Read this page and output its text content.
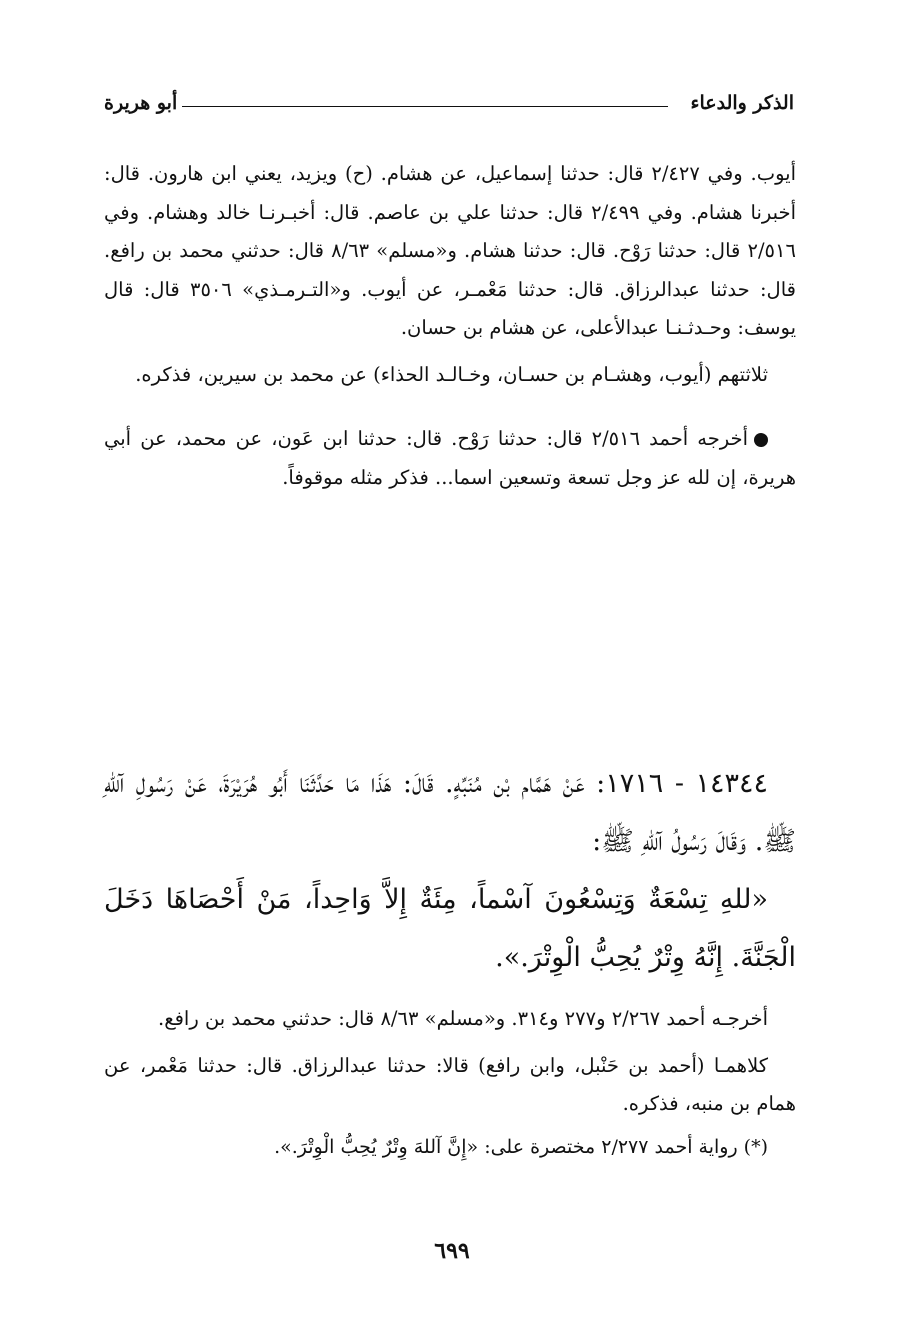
الذكر والدعاء
أبو هريرة

أيوب. وفي ٢/٤٢٧ قال: حدثنا إسماعيل، عن هشام. (ح) ويزيد، يعني ابن هارون. قال: أخبرنا هشام. وفي ٢/٤٩٩ قال: حدثنا علي بن عاصم. قال: أخبـرنـا خالد وهشام. وفي ٢/٥١٦ قال: حدثنا رَوْح. قال: حدثنا هشام. و«مسلم» ٨/٦٣ قال: حدثني محمد بن رافع. قال: حدثنا عبدالرزاق. قال: حدثنا مَعْمـر، عن أيوب. و«التـرمـذي» ٣٥٠٦ قال: قال يوسف: وحـدثـنـا عبدالأعلى، عن هشام بن حسان.

ثلاثتهم (أيوب، وهشـام بن حسـان، وخـالـد الحذاء) عن محمد بن سيرين، فذكره.

أخرجه أحمد ٢/٥١٦ قال: حدثنا رَوْح. قال: حدثنا ابن عَون، عن محمد، عن أبي هريرة، إن لله عز وجل تسعة وتسعين اسما... فذكر مثله موقوفاً.

١٤٣٤٤ - ١٧١٦: عَنْ هَمَّام بْن مُنَبِّهٍ. قَالَ: هَذَا مَا حَدَّثَنَا أَبُو هُرَيْرَةَ، عَنْ رَسُولِ آللهِ ﷺ. وَقَالَ رَسُولُ آللهِ ﷺ:

«للهِ تِسْعَةٌ وَتِسْعُونَ آسْماً، مِئَةٌ إِلاَّ وَاحِداً، مَنْ أَحْصَاهَا دَخَلَ الْجَنَّةَ. إِنَّهُ وِتْرٌ يُحِبُّ الْوِتْرَ.».

أخرجـه أحمد ٢/٢٦٧ و٢٧٧ و٣١٤. و«مسلم» ٨/٦٣ قال: حدثني محمد بن رافع.

كلاهمـا (أحمد بن حَنْبل، وابن رافع) قالا: حدثنا عبدالرزاق. قال: حدثنا مَعْمر، عن همام بن منبه، فذكره.

(*) رواية أحمد ٢/٢٧٧ مختصرة على: «إِنَّ آللهَ وِتْرٌ يُحِبُّ الْوِتْرَ.».

٦٩٩
